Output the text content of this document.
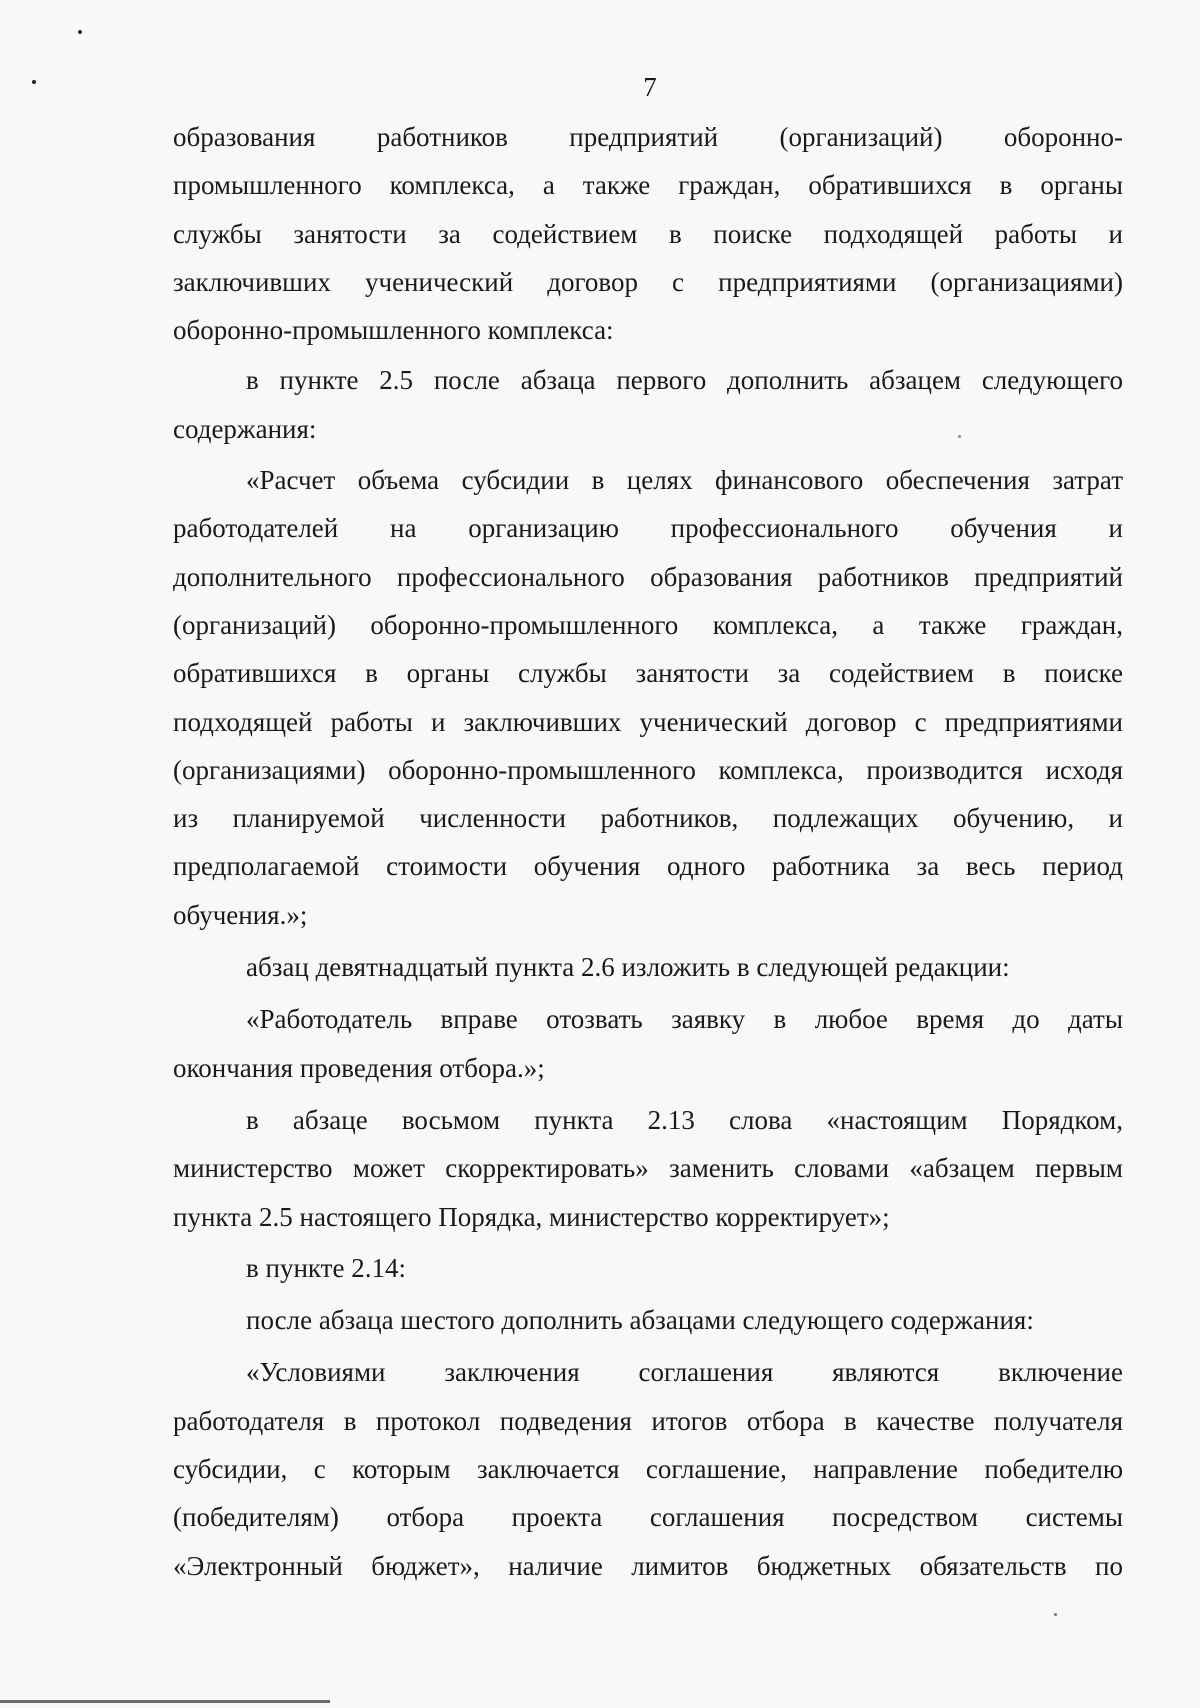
7
образования работников предприятий (организаций) оборонно-
промышленного комплекса, а также граждан, обратившихся в органы
службы занятости за содействием в поиске подходящей работы и
заключивших ученический договор с предприятиями (организациями)
оборонно-промышленного комплекса:
в пункте 2.5 после абзаца первого дополнить абзацем следующего
содержания:
«Расчет объема субсидии в целях финансового обеспечения затрат
работодателей на организацию профессионального обучения и
дополнительного профессионального образования работников предприятий
(организаций) оборонно-промышленного комплекса, а также граждан,
обратившихся в органы службы занятости за содействием в поиске
подходящей работы и заключивших ученический договор с предприятиями
(организациями) оборонно-промышленного комплекса, производится исходя
из планируемой численности работников, подлежащих обучению, и
предполагаемой стоимости обучения одного работника за весь период
обучения.»;
абзац девятнадцатый пункта 2.6 изложить в следующей редакции:
«Работодатель вправе отозвать заявку в любое время до даты
окончания проведения отбора.»;
в абзаце восьмом пункта 2.13 слова «настоящим Порядком,
министерство может скорректировать» заменить словами «абзацем первым
пункта 2.5 настоящего Порядка, министерство корректирует»;
в пункте 2.14:
после абзаца шестого дополнить абзацами следующего содержания:
«Условиями заключения соглашения являются включение
работодателя в протокол подведения итогов отбора в качестве получателя
субсидии, с которым заключается соглашение, направление победителю
(победителям) отбора проекта соглашения посредством системы
«Электронный бюджет», наличие лимитов бюджетных обязательств по
